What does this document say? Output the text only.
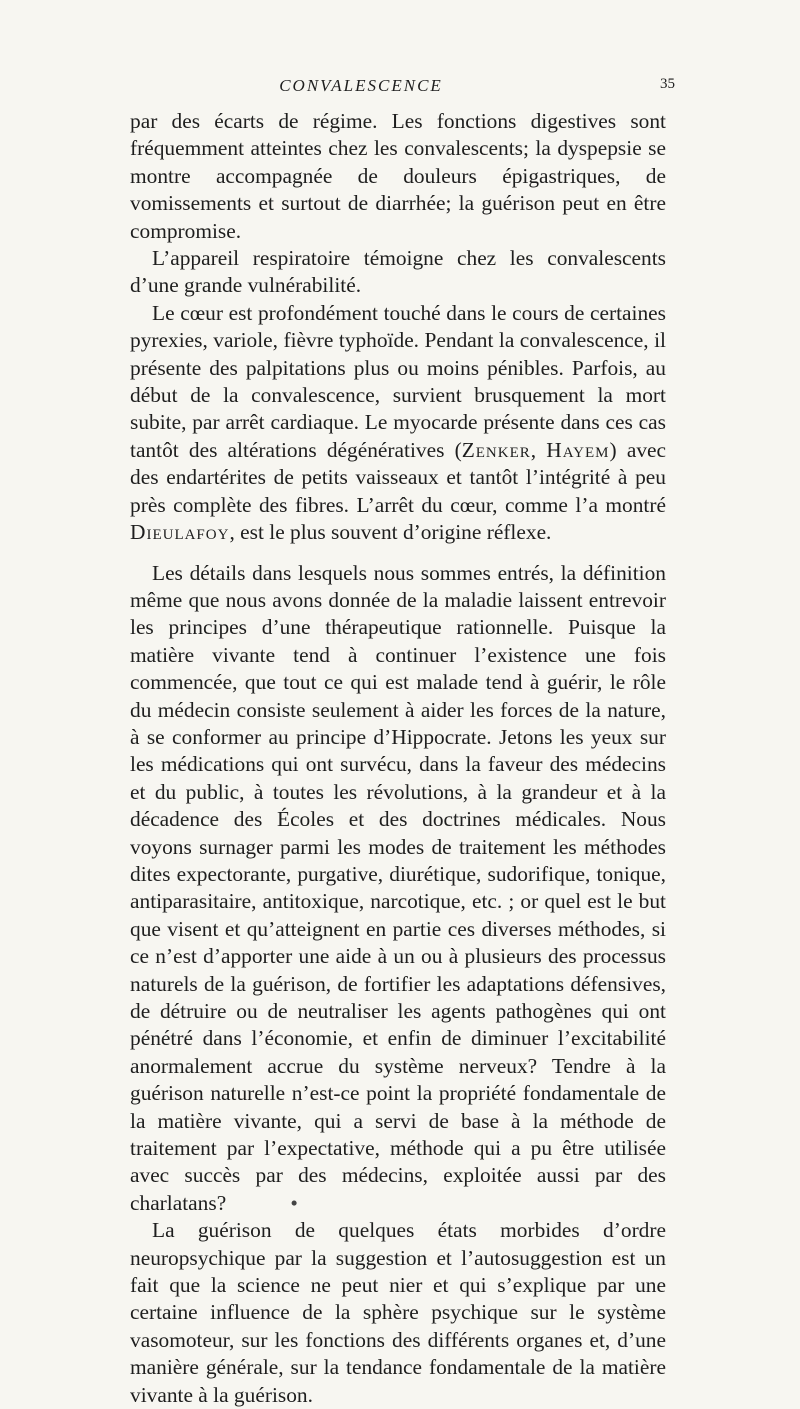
CONVALESCENCE	35

par des écarts de régime. Les fonctions digestives sont fréquemment atteintes chez les convalescents; la dyspepsie se montre accompagnée de douleurs épigastriques, de vomissements et surtout de diarrhée; la guérison peut en être compromise.

L’appareil respiratoire témoigne chez les convalescents d’une grande vulnérabilité.

Le cœur est profondément touché dans le cours de certaines pyrexies, variole, fièvre typhoïde. Pendant la convalescence, il présente des palpitations plus ou moins pénibles. Parfois, au début de la convalescence, survient brusquement la mort subite, par arrêt cardiaque. Le myocarde présente dans ces cas tantôt des altérations dégénératives (Zenker, Hayem) avec des endartérites de petits vaisseaux et tantôt l’intégrité à peu près complète des fibres. L’arrêt du cœur, comme l’a montré Dieulafoy, est le plus souvent d’origine réflexe.

Les détails dans lesquels nous sommes entrés, la définition même que nous avons donnée de la maladie laissent entrevoir les principes d’une thérapeutique rationnelle. Puisque la matière vivante tend à continuer l’existence une fois commencée, que tout ce qui est malade tend à guérir, le rôle du médecin consiste seulement à aider les forces de la nature, à se conformer au principe d’Hippocrate. Jetons les yeux sur les médications qui ont survécu, dans la faveur des médecins et du public, à toutes les révolutions, à la grandeur et à la décadence des Écoles et des doctrines médicales. Nous voyons surnager parmi les modes de traitement les méthodes dites expectorante, purgative, diurétique, sudorifique, tonique, antiparasitaire, antitoxique, narcotique, etc. ; or quel est le but que visent et qu’atteignent en partie ces diverses méthodes, si ce n’est d’apporter une aide à un ou à plusieurs des processus naturels de la guérison, de fortifier les adaptations défensives, de détruire ou de neutraliser les agents pathogènes qui ont pénétré dans l’économie, et enfin de diminuer l’excitabilité anormalement accrue du système nerveux? Tendre à la guérison naturelle n’est-ce point la propriété fondamentale de la matière vivante, qui a servi de base à la méthode de traitement par l’expectative, méthode qui a pu être utilisée avec succès par des médecins, exploitée aussi par des charlatans?	•

La guérison de quelques états morbides d’ordre neuropsychique par la suggestion et l’autosuggestion est un fait que la science ne peut nier et qui s’explique par une certaine influence de la sphère psychique sur le système vasomoteur, sur les fonctions des différents organes et, d’une manière générale, sur la tendance fondamentale de la matière vivante à la guérison.
